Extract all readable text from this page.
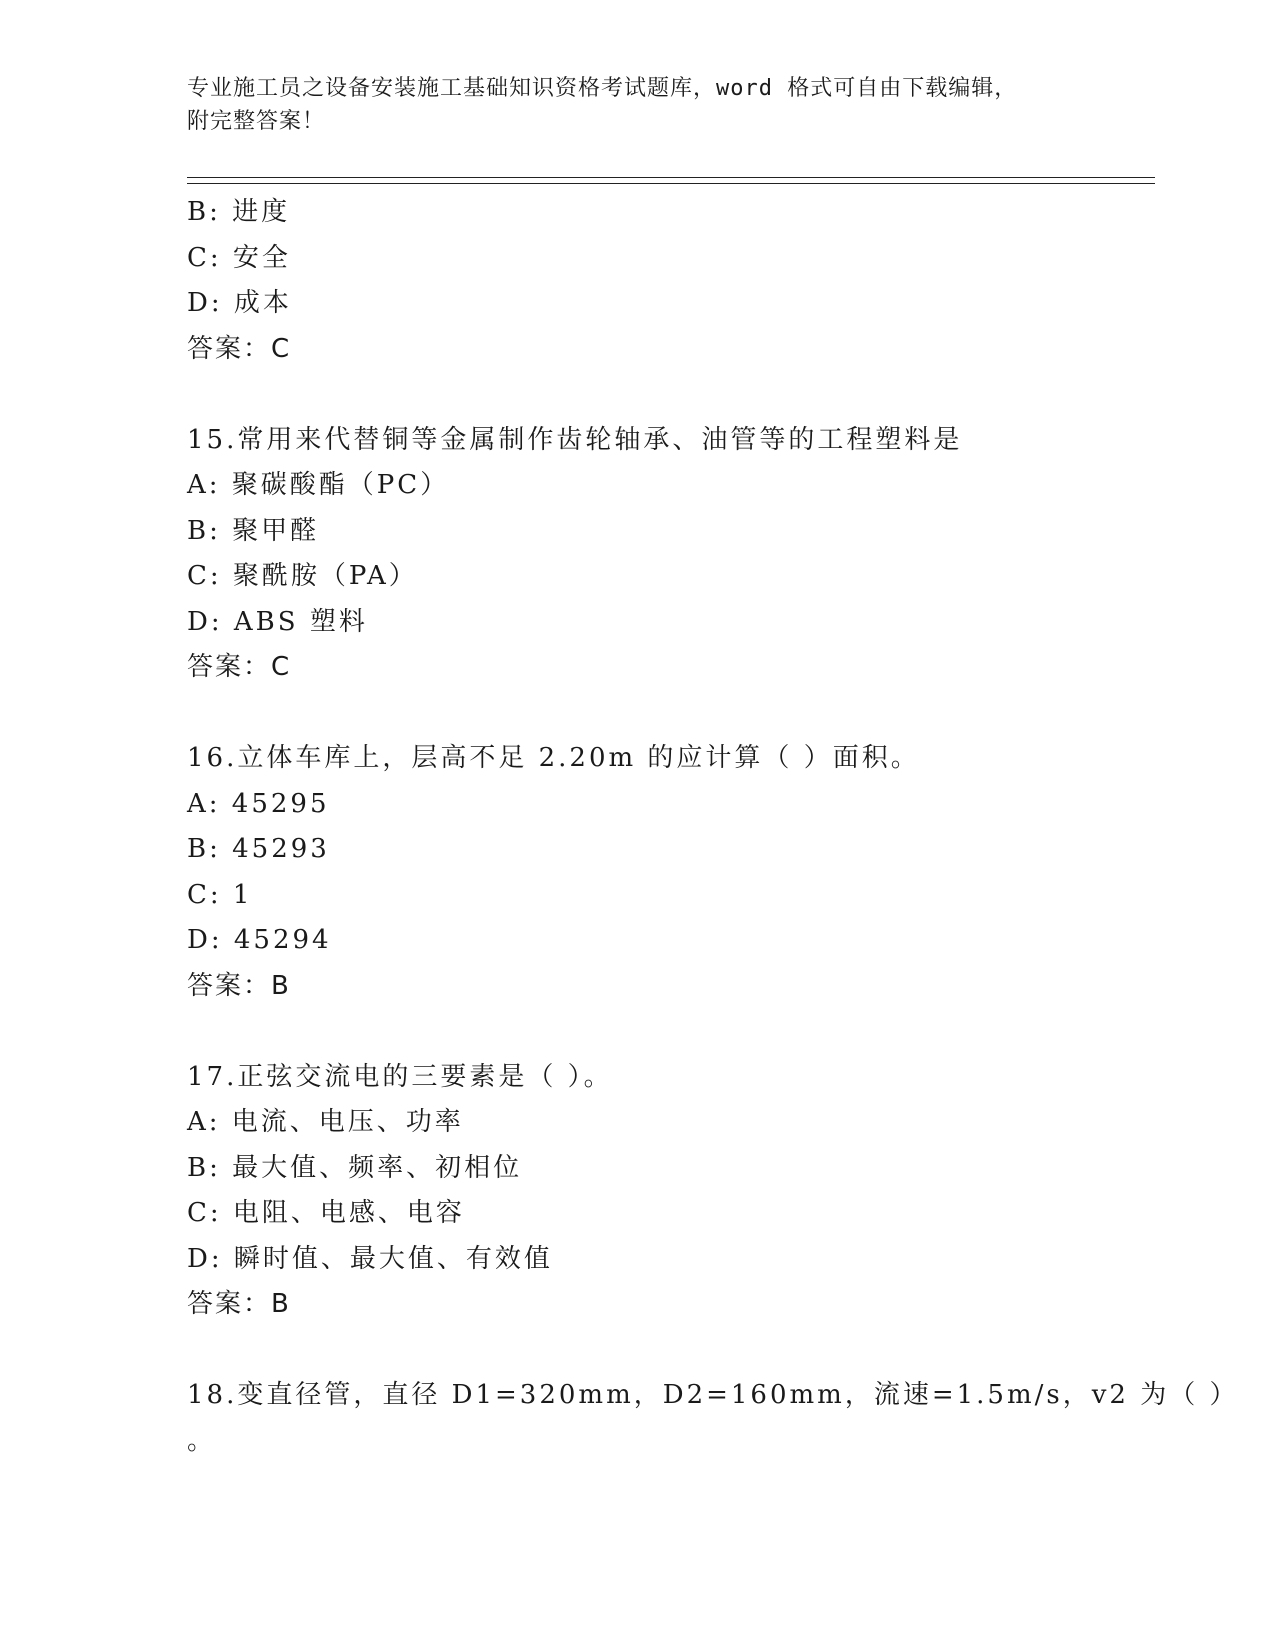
专业施工员之设备安装施工基础知识资格考试题库，word 格式可自由下载编辑，
附完整答案！
B: 进度
C: 安全
D: 成本
答案：C
15.常用来代替铜等金属制作齿轮轴承、油管等的工程塑料是
A: 聚碳酸酯（PC）
B: 聚甲醛
C: 聚酰胺（PA）
D: ABS 塑料
答案：C
16.立体车库上，层高不足 2.20m 的应计算（ ）面积。
A: 45295
B: 45293
C: 1
D: 45294
答案：B
17.正弦交流电的三要素是（ ）。
A: 电流、电压、功率
B: 最大值、频率、初相位
C: 电阻、电感、电容
D: 瞬时值、最大值、有效值
答案：B
18.变直径管，直径 D1=320mm，D2=160mm，流速=1.5m/s，v2 为（ ）
。
